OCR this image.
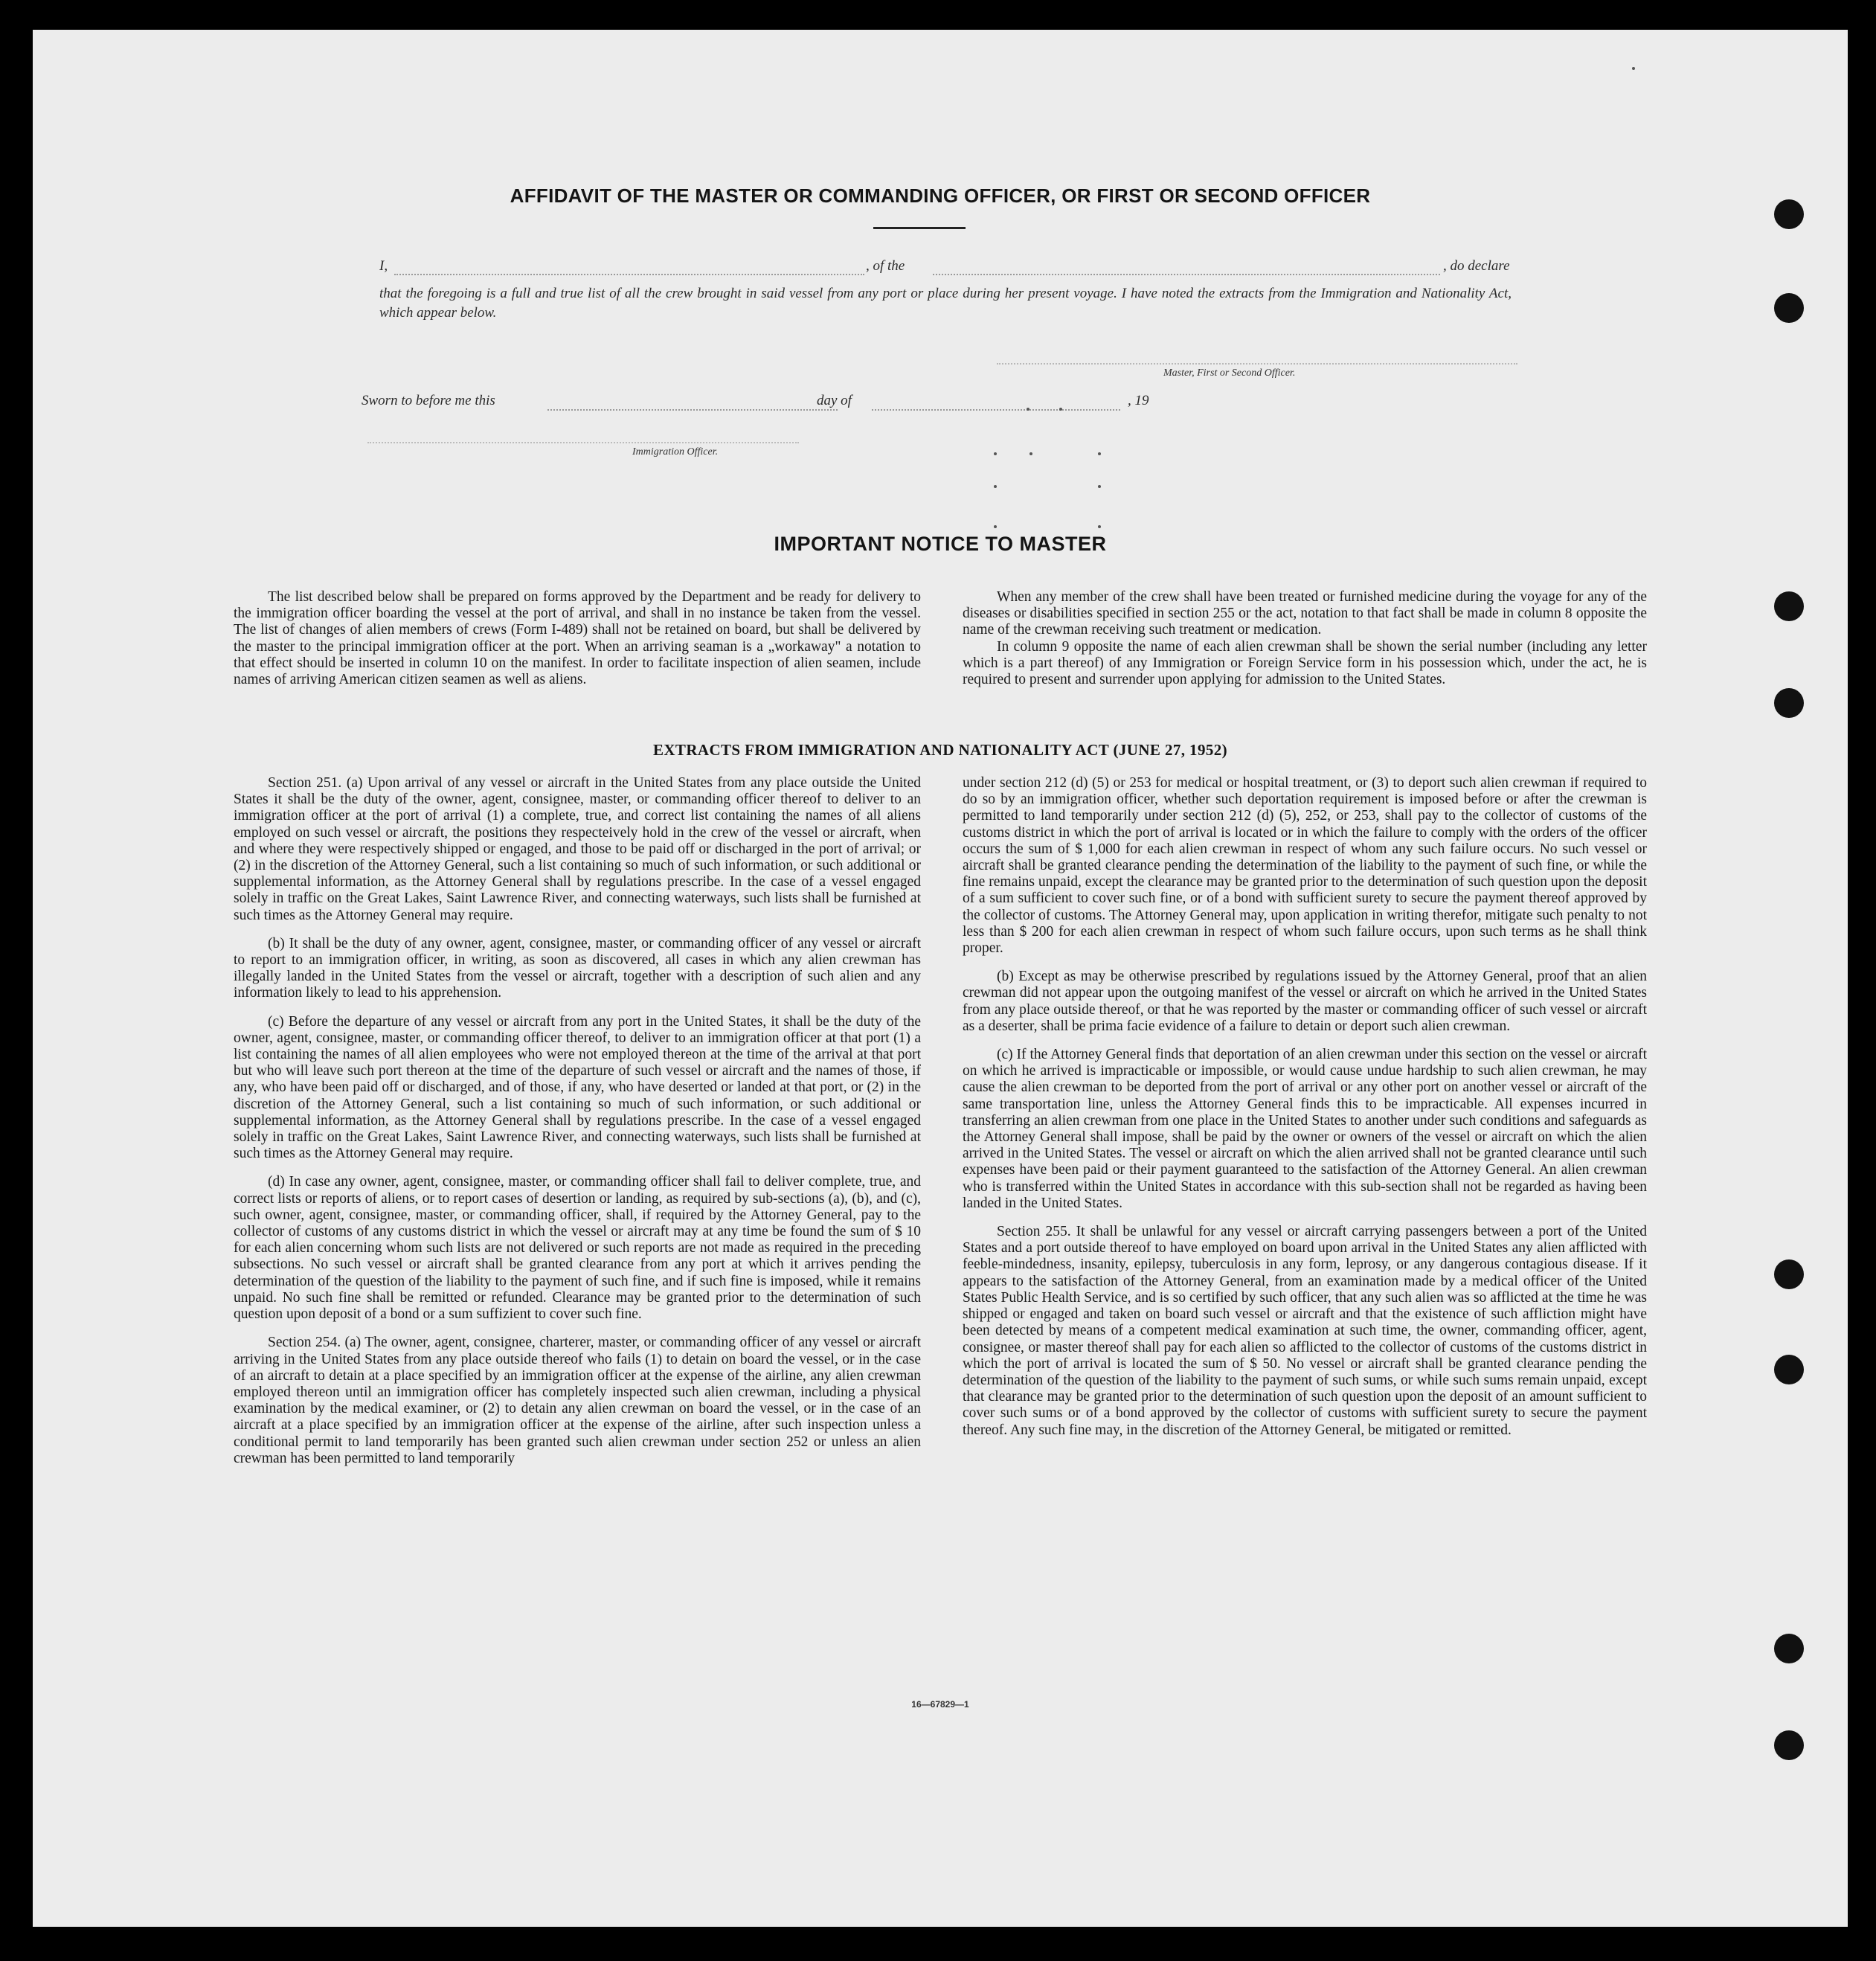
AFFIDAVIT OF THE MASTER OR COMMANDING OFFICER, OR FIRST OR SECOND OFFICER
I,	, of the	, do declare
that the foregoing is a full and true list of all the crew brought in said vessel from any port or place during her present voyage. I have noted the extracts from the Immigration and Nationality Act, which appear below.
Master, First or Second Officer.
Sworn to before me this	day of	, 19
Immigration Officer.
IMPORTANT NOTICE TO MASTER

The list described below shall be prepared on forms approved by the Department and be ready for delivery to the immigration officer boarding the vessel at the port of arrival, and shall in no instance be taken from the vessel. The list of changes of alien members of crews (Form I-489) shall not be retained on board, but shall be delivered by the master to the principal immigration officer at the port. When an arriving seaman is a „workaway" a notation to that effect should be inserted in column 10 on the manifest. In order to facilitate inspection of alien seamen, include names of arriving American citizen seamen as well as aliens.

When any member of the crew shall have been treated or furnished medicine during the voyage for any of the diseases or disabilities specified in section 255 or the act, notation to that fact shall be made in column 8 opposite the name of the crewman receiving such treatment or medication.

In column 9 opposite the name of each alien crewman shall be shown the serial number (including any letter which is a part thereof) of any Immigration or Foreign Service form in his possession which, under the act, he is required to present and surrender upon applying for admission to the United States.

EXTRACTS FROM IMMIGRATION AND NATIONALITY ACT (JUNE 27, 1952)

Section 251. (a) Upon arrival of any vessel or aircraft in the United States from any place outside the United States it shall be the duty of the owner, agent, consignee, master, or commanding officer thereof to deliver to an immigration officer at the port of arrival (1) a complete, true, and correct list containing the names of all aliens employed on such vessel or aircraft, the positions they respecteively hold in the crew of the vessel or aircraft, when and where they were respectively shipped or engaged, and those to be paid off or discharged in the port of arrival; or (2) in the discretion of the Attorney General, such a list containing so much of such information, or such additional or supplemental information, as the Attorney General shall by regulations prescribe. In the case of a vessel engaged solely in traffic on the Great Lakes, Saint Lawrence River, and connecting waterways, such lists shall be furnished at such times as the Attorney General may require.

(b) It shall be the duty of any owner, agent, consignee, master, or commanding officer of any vessel or aircraft to report to an immigration officer, in writing, as soon as discovered, all cases in which any alien crewman has illegally landed in the United States from the vessel or aircraft, together with a description of such alien and any information likely to lead to his apprehension.

(c) Before the departure of any vessel or aircraft from any port in the United States, it shall be the duty of the owner, agent, consignee, master, or commanding officer thereof, to deliver to an immigration officer at that port (1) a list containing the names of all alien employees who were not employed thereon at the time of the arrival at that port but who will leave such port thereon at the time of the departure of such vessel or aircraft and the names of those, if any, who have been paid off or discharged, and of those, if any, who have deserted or landed at that port, or (2) in the discretion of the Attorney General, such a list containing so much of such information, or such additional or supplemental information, as the Attorney General shall by regulations prescribe. In the case of a vessel engaged solely in traffic on the Great Lakes, Saint Lawrence River, and connecting waterways, such lists shall be furnished at such times as the Attorney General may require.

(d) In case any owner, agent, consignee, master, or commanding officer shall fail to deliver complete, true, and correct lists or reports of aliens, or to report cases of desertion or landing, as required by sub-sections (a), (b), and (c), such owner, agent, consignee, master, or commanding officer, shall, if required by the Attorney General, pay to the collector of customs of any customs district in which the vessel or aircraft may at any time be found the sum of $ 10 for each alien concerning whom such lists are not delivered or such reports are not made as required in the preceding subsections. No such vessel or aircraft shall be granted clearance from any port at which it arrives pending the determination of the question of the liability to the payment of such fine, and if such fine is imposed, while it remains unpaid. No such fine shall be remitted or refunded. Clearance may be granted prior to the determination of such question upon deposit of a bond or a sum suffizient to cover such fine.

Section 254. (a) The owner, agent, consignee, charterer, master, or commanding officer of any vessel or aircraft arriving in the United States from any place outside thereof who fails (1) to detain on board the vessel, or in the case of an aircraft to detain at a place specified by an immigration officer at the expense of the airline, any alien crewman employed thereon until an immigration officer has completely inspected such alien crewman, including a physical examination by the medical examiner, or (2) to detain any alien crewman on board the vessel, or in the case of an aircraft at a place specified by an immigration officer at the expense of the airline, after such inspection unless a conditional permit to land temporarily has been granted such alien crewman under section 252 or unless an alien crewman has been permitted to land temporarily

under section 212 (d) (5) or 253 for medical or hospital treatment, or (3) to deport such alien crewman if required to do so by an immigration officer, whether such deportation requirement is imposed before or after the crewman is permitted to land temporarily under section 212 (d) (5), 252, or 253, shall pay to the collector of customs of the customs district in which the port of arrival is located or in which the failure to comply with the orders of the officer occurs the sum of $ 1,000 for each alien crewman in respect of whom any such failure occurs. No such vessel or aircraft shall be granted clearance pending the determination of the liability to the payment of such fine, or while the fine remains unpaid, except the clearance may be granted prior to the determination of such question upon the deposit of a sum sufficient to cover such fine, or of a bond with sufficient surety to secure the payment thereof approved by the collector of customs. The Attorney General may, upon application in writing therefor, mitigate such penalty to not less than $ 200 for each alien crewman in respect of whom such failure occurs, upon such terms as he shall think proper.

(b) Except as may be otherwise prescribed by regulations issued by the Attorney General, proof that an alien crewman did not appear upon the outgoing manifest of the vessel or aircraft on which he arrived in the United States from any place outside thereof, or that he was reported by the master or commanding officer of such vessel or aircraft as a deserter, shall be prima facie evidence of a failure to detain or deport such alien crewman.

(c) If the Attorney General finds that deportation of an alien crewman under this section on the vessel or aircraft on which he arrived is impracticable or impossible, or would cause undue hardship to such alien crewman, he may cause the alien crewman to be deported from the port of arrival or any other port on another vessel or aircraft of the same transportation line, unless the Attorney General finds this to be impracticable. All expenses incurred in transferring an alien crewman from one place in the United States to another under such conditions and safeguards as the Attorney General shall impose, shall be paid by the owner or owners of the vessel or aircraft on which the alien arrived in the United States. The vessel or aircraft on which the alien arrived shall not be granted clearance until such expenses have been paid or their payment guaranteed to the satisfaction of the Attorney General. An alien crewman who is transferred within the United States in accordance with this sub-section shall not be regarded as having been landed in the United States.

Section 255. It shall be unlawful for any vessel or aircraft carrying passengers between a port of the United States and a port outside thereof to have employed on board upon arrival in the United States any alien afflicted with feeble-mindedness, insanity, epilepsy, tuberculosis in any form, leprosy, or any dangerous contagious disease. If it appears to the satisfaction of the Attorney General, from an examination made by a medical officer of the United States Public Health Service, and is so certified by such officer, that any such alien was so afflicted at the time he was shipped or engaged and taken on board such vessel or aircraft and that the existence of such affliction might have been detected by means of a competent medical examination at such time, the owner, commanding officer, agent, consignee, or master thereof shall pay for each alien so afflicted to the collector of customs of the customs district in which the port of arrival is located the sum of $ 50. No vessel or aircraft shall be granted clearance pending the determination of the question of the liability to the payment of such sums, or while such sums remain unpaid, except that clearance may be granted prior to the determination of such question upon the deposit of an amount sufficient to cover such sums or of a bond approved by the collector of customs with sufficient surety to secure the payment thereof. Any such fine may, in the discretion of the Attorney General, be mitigated or remitted.

16—67829—1
